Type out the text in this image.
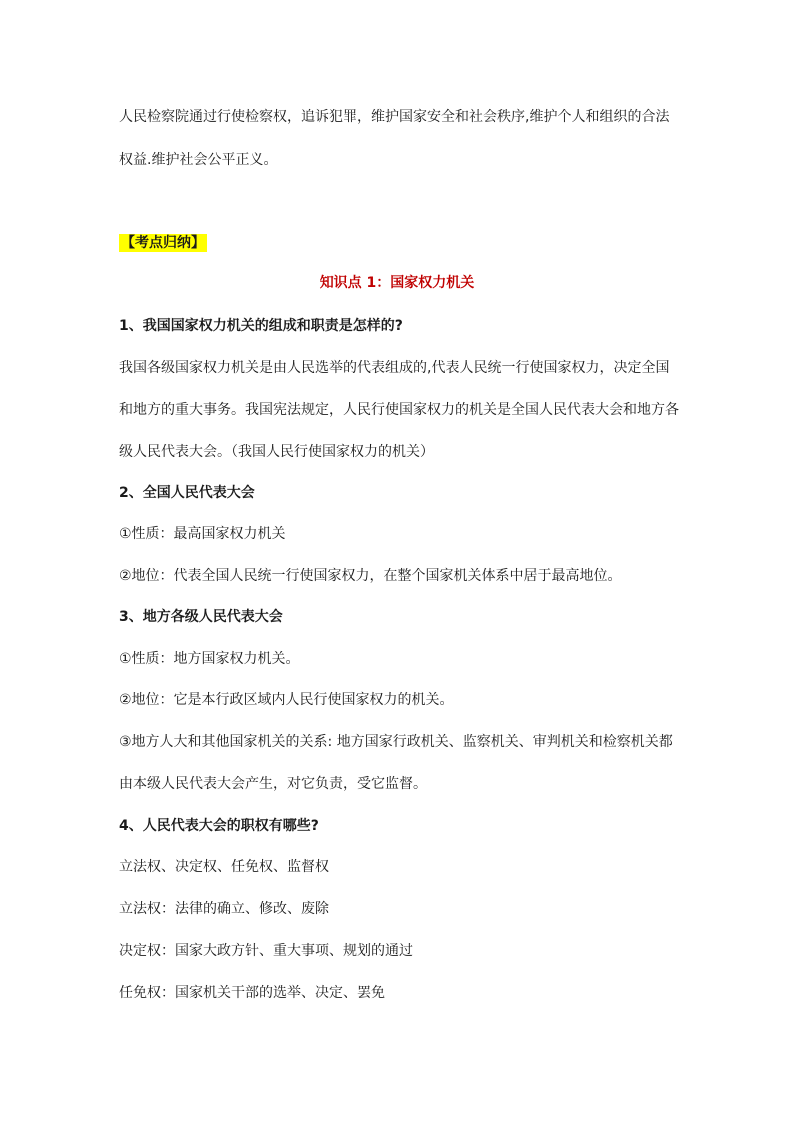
人民检察院通过行使检察权，追诉犯罪，维护国家安全和社会秩序,维护个人和组织的合法
权益.维护社会公平正义。
【考点归纳】
知识点 1：国家权力机关
1、我国国家权力机关的组成和职责是怎样的?
我国各级国家权力机关是由人民选举的代表组成的,代表人民统一行使国家权力，决定全国
和地方的重大事务。我国宪法规定，人民行使国家权力的机关是全国人民代表大会和地方各
级人民代表大会。（我国人民行使国家权力的机关）
2、全国人民代表大会
①性质：最高国家权力机关
②地位：代表全国人民统一行使国家权力，在整个国家机关体系中居于最高地位。
3、地方各级人民代表大会
①性质：地方国家权力机关。
②地位：它是本行政区域内人民行使国家权力的机关。
③地方人大和其他国家机关的关系: 地方国家行政机关、监察机关、审判机关和检察机关都
由本级人民代表大会产生，对它负责，受它监督。
4、人民代表大会的职权有哪些?
立法权、决定权、任免权、监督权
立法权：法律的确立、修改、废除
决定权：国家大政方针、重大事项、规划的通过
任免权：国家机关干部的选举、决定、罢免
